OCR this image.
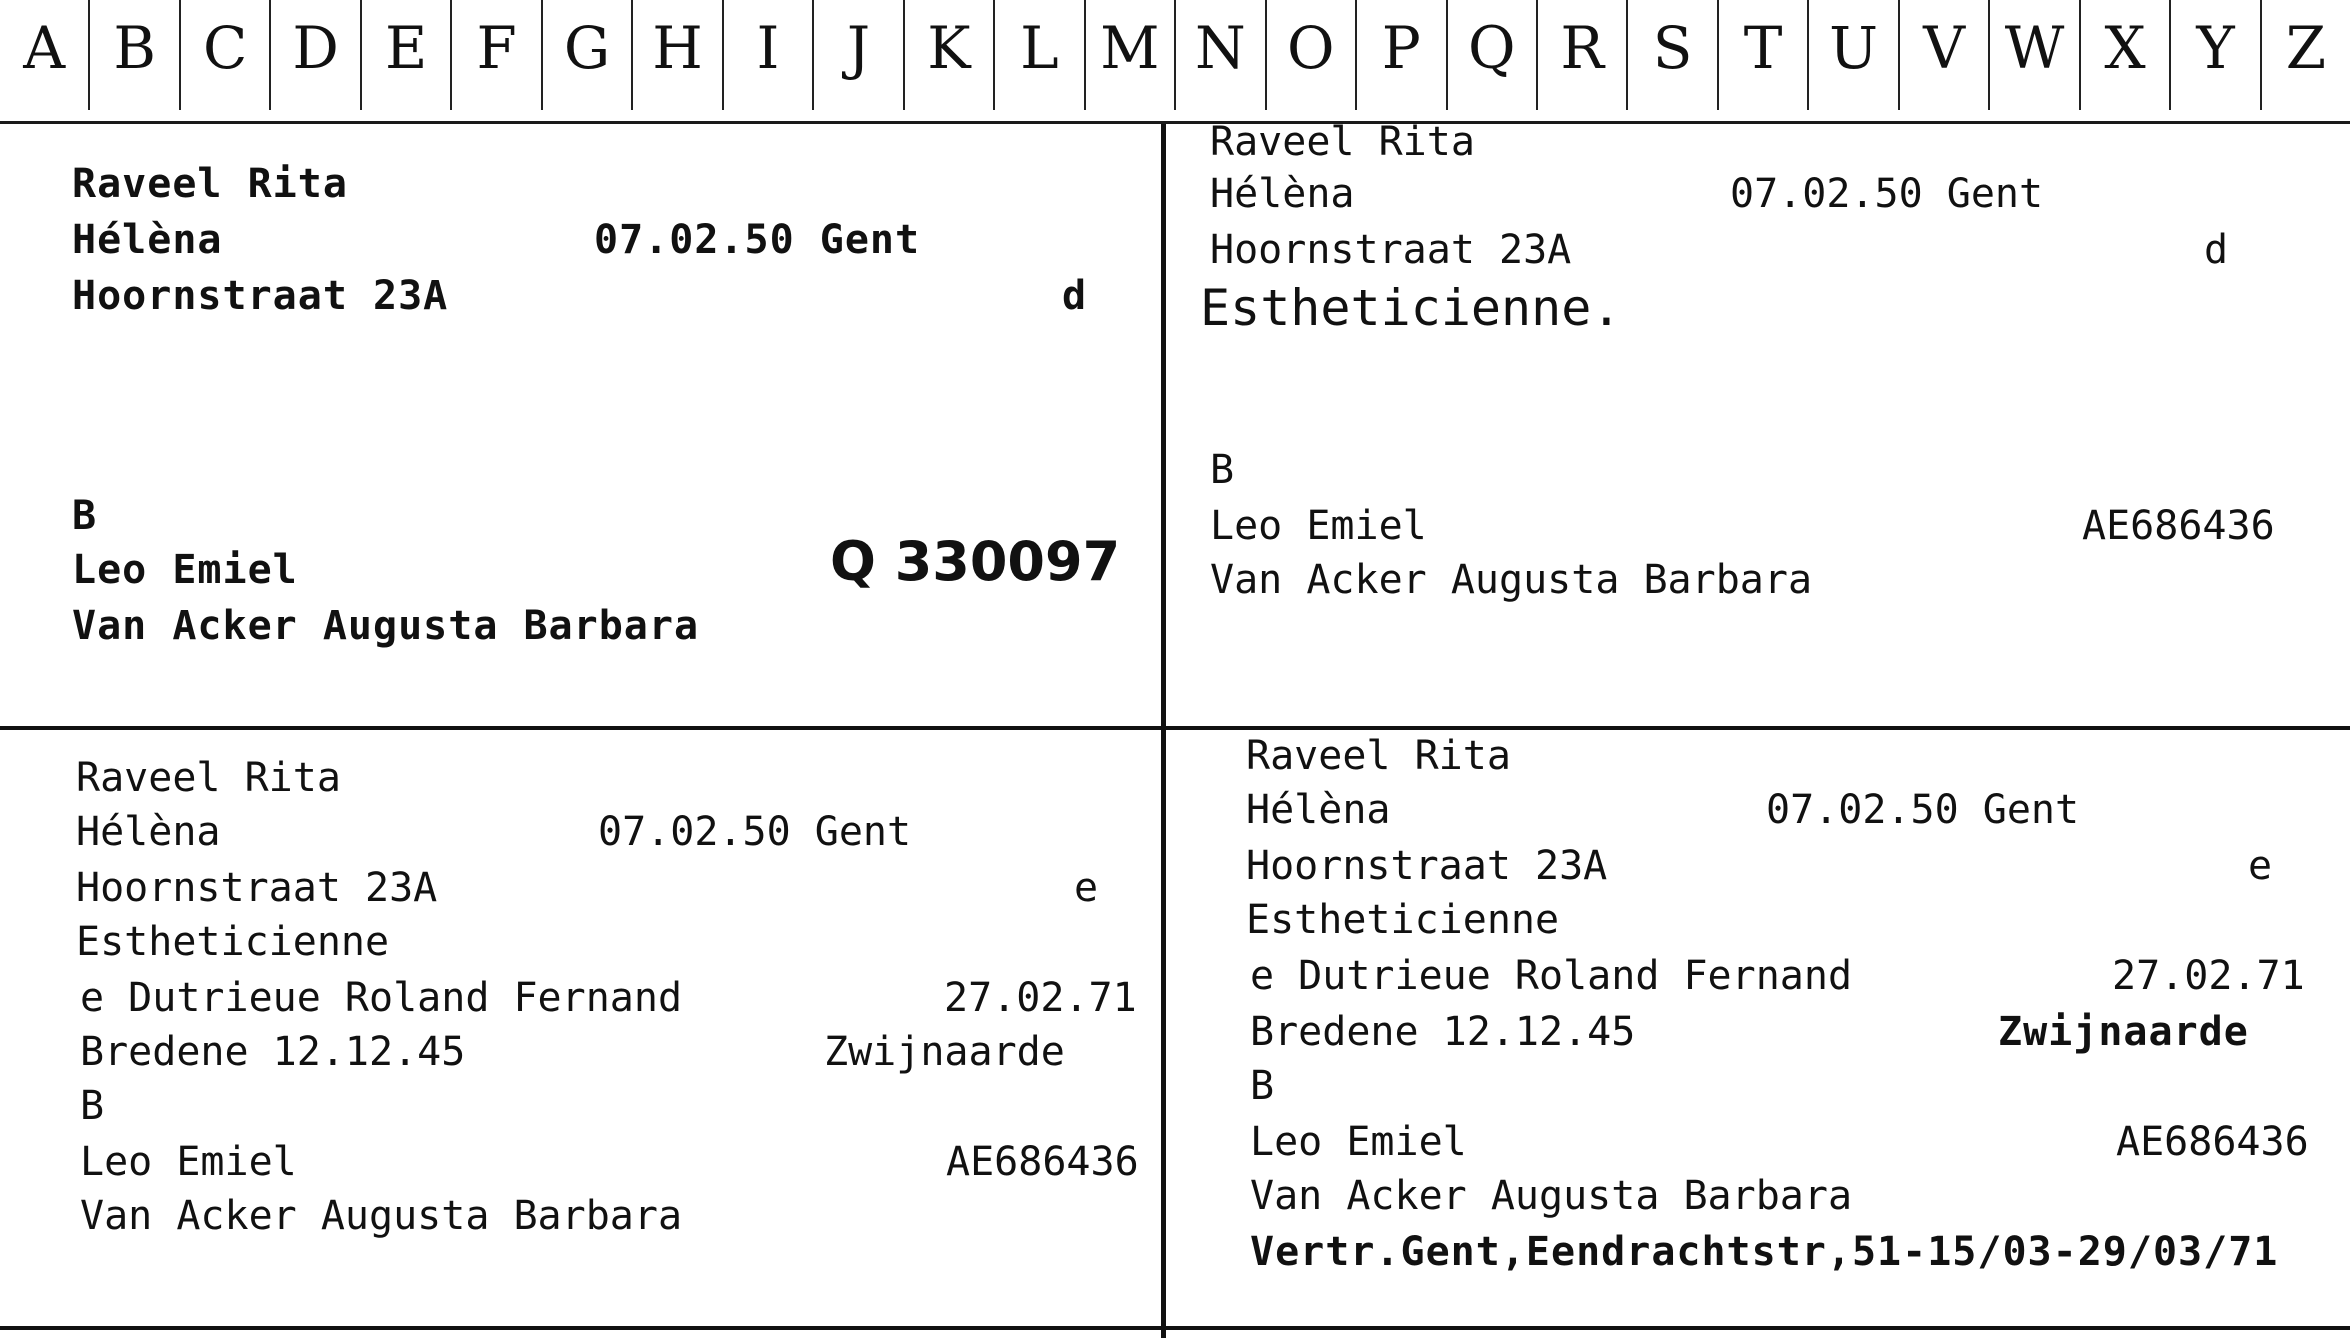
A B C D E F G H I	J K L M N O P Q R S T U V W X Y Z
Raveel Rita
Hélèna	07.02.50 Gent
Hoornstraat 23A	d
B
Leo Emiel	Q 330097
Van Acker Augusta Barbara
Raveel Rita
Hélèna	07.02.50 Gent
Hoornstraat 23A	d
Estheticienne.
B
Leo Emiel	AE686436
Van Acker Augusta Barbara
Raveel Rita
Hélèna	07.02.50 Gent
Hoornstraat 23A	e
Estheticienne
e Dutrieue Roland Fernand	27.02.71
Bredene 12.12.45	Zwijnaarde
B
Leo Emiel	AE686436
Van Acker Augusta Barbara
Raveel Rita
Hélèna	07.02.50 Gent
Hoornstraat 23A	e
Estheticienne
e Dutrieue Roland Fernand	27.02.71
Bredene 12.12.45	Zwijnaarde
B
Leo Emiel	AE686436
Van Acker Augusta Barbara
Vertr.Gent,Eendrachtstr,51-15/03-29/03/71
